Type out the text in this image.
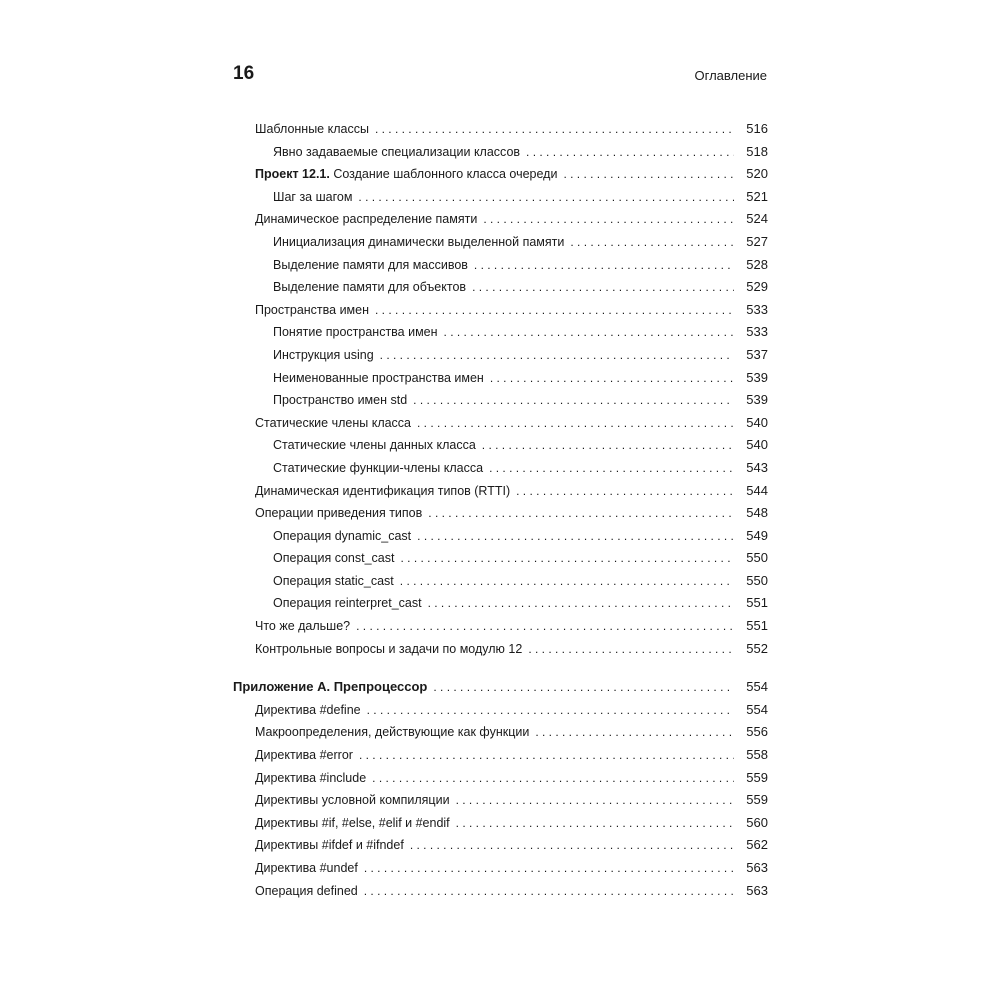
16	Оглавление
Шаблонные классы . . .	516
Явно задаваемые специализации классов . . .	518
Проект 12.1. Создание шаблонного класса очереди . . .	520
Шаг за шагом . . .	521
Динамическое распределение памяти . . .	524
Инициализация динамически выделенной памяти . . .	527
Выделение памяти для массивов . . .	528
Выделение памяти для объектов . . .	529
Пространства имен . . .	533
Понятие пространства имен . . .	533
Инструкция using . . .	537
Неименованные пространства имен . . .	539
Пространство имен std . . .	539
Статические члены класса . . .	540
Статические члены данных класса . . .	540
Статические функции-члены класса . . .	543
Динамическая идентификация типов (RTTI) . . .	544
Операции приведения типов . . .	548
Операция dynamic_cast . . .	549
Операция const_cast . . .	550
Операция static_cast . . .	550
Операция reinterpret_cast . . .	551
Что же дальше? . . .	551
Контрольные вопросы и задачи по модулю 12 . . .	552
Приложение А. Препроцессор . . .	554
Директива #define . . .	554
Макроопределения, действующие как функции . . .	556
Директива #error . . .	558
Директива #include . . .	559
Директивы условной компиляции . . .	559
Директивы #if, #else, #elif и #endif . . .	560
Директивы #ifdef и #ifndef . . .	562
Директива #undef . . .	563
Операция defined . . .	563
